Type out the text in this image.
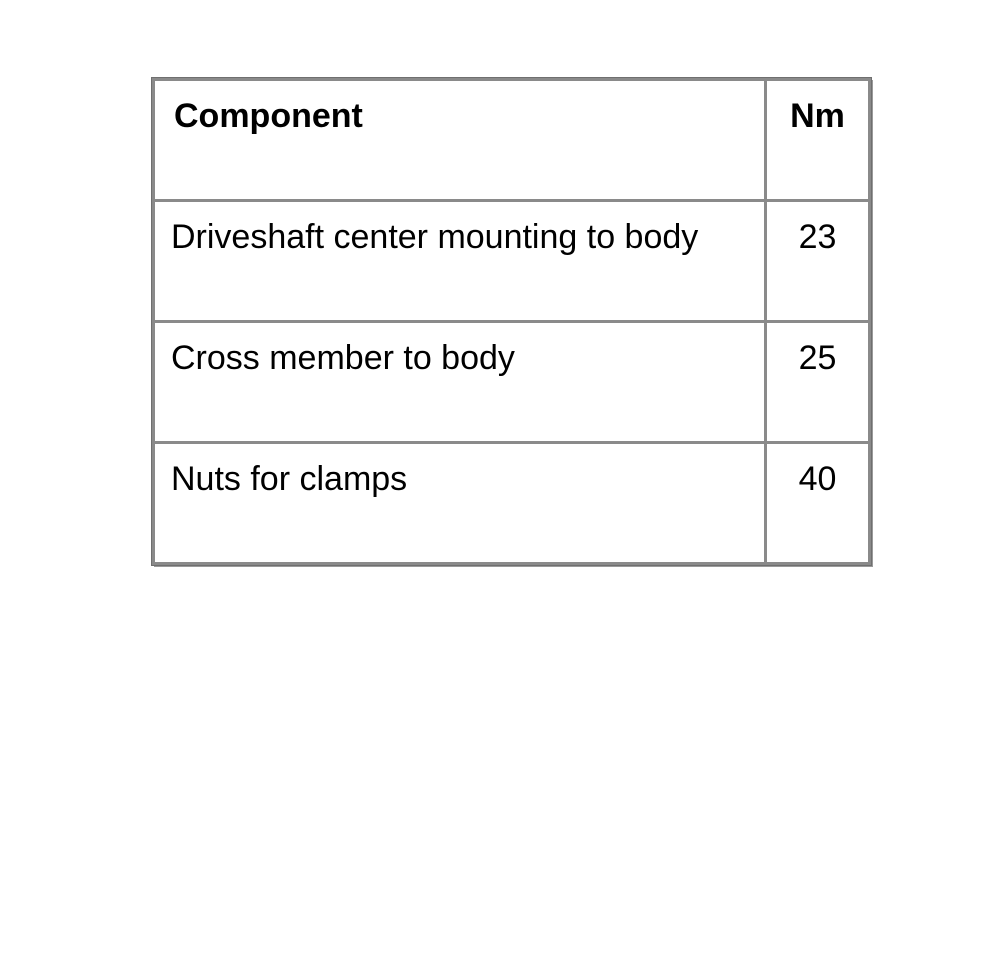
Component	Nm

Driveshaft center mounting to body	23

Cross member to body	25

Nuts for clamps	40
